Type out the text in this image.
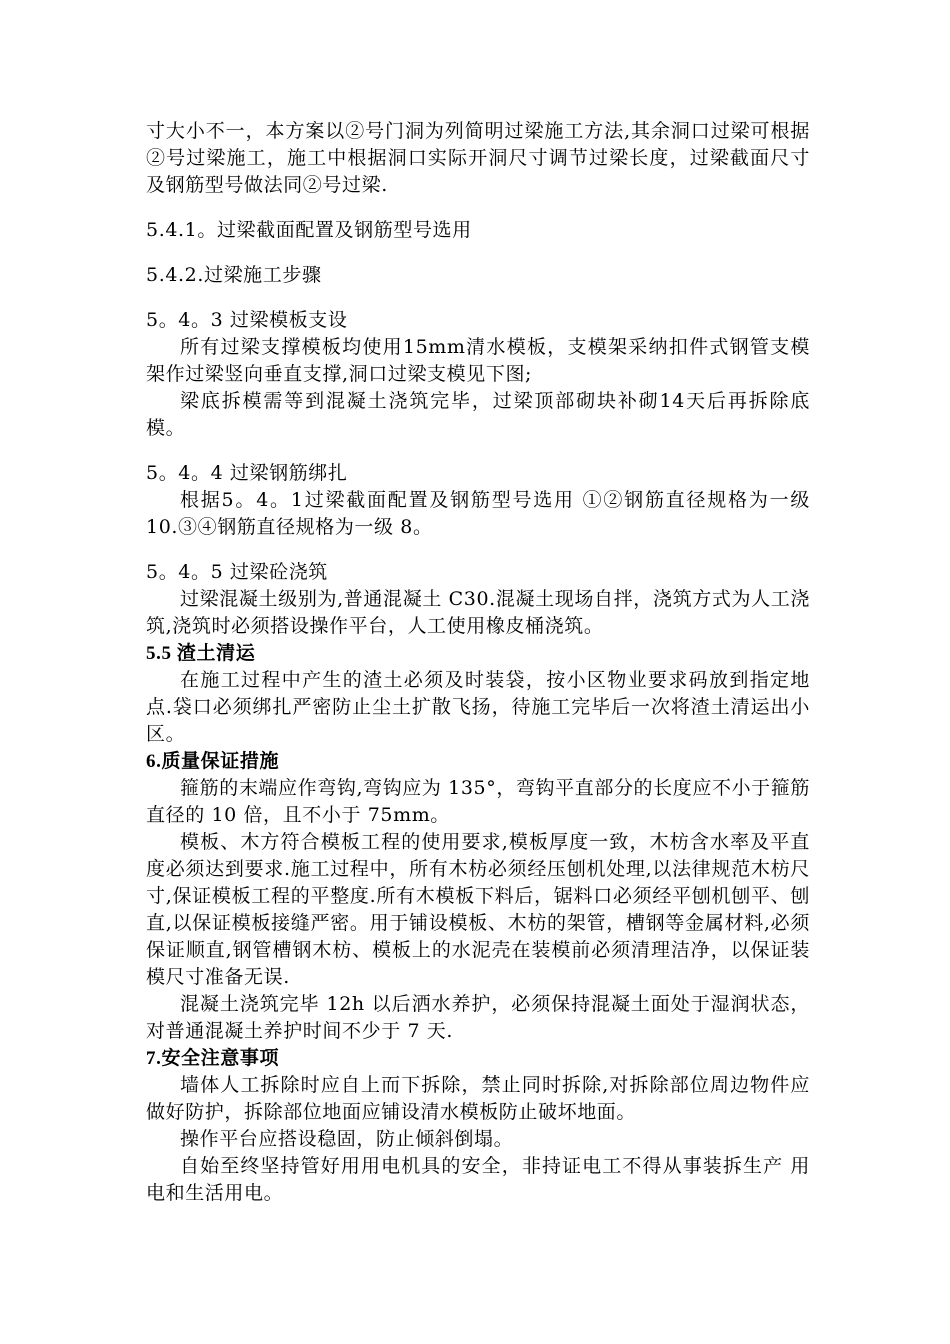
寸大小不一，本方案以②号门洞为列简明过梁施工方法,其余洞口过梁可根据②号过梁施工，施工中根据洞口实际开洞尺寸调节过梁长度，过梁截面尺寸及钢筋型号做法同②号过梁.

5.4.1。过梁截面配置及钢筋型号选用

5.4.2.过梁施工步骤

5。4。3 过梁模板支设

所有过梁支撑模板均使用15mm清水模板，支模架采纳扣件式钢管支模架作过梁竖向垂直支撑,洞口过梁支模见下图;

梁底拆模需等到混凝土浇筑完毕，过梁顶部砌块补砌14天后再拆除底模。

5。4。4 过梁钢筋绑扎

根据5。4。1过梁截面配置及钢筋型号选用 ①②钢筋直径规格为一级 10.③④钢筋直径规格为一级 8。

5。4。5 过梁砼浇筑

过梁混凝土级别为,普通混凝土 C30.混凝土现场自拌，浇筑方式为人工浇筑,浇筑时必须搭设操作平台，人工使用橡皮桶浇筑。

5.5 渣土清运

在施工过程中产生的渣土必须及时装袋，按小区物业要求码放到指定地点.袋口必须绑扎严密防止尘土扩散飞扬，待施工完毕后一次将渣土清运出小区。

6.质量保证措施

箍筋的末端应作弯钩,弯钩应为 135°，弯钩平直部分的长度应不小于箍筋直径的 10 倍，且不小于 75mm。

模板、木方符合模板工程的使用要求,模板厚度一致，木枋含水率及平直度必须达到要求.施工过程中，所有木枋必须经压刨机处理,以法律规范木枋尺寸,保证模板工程的平整度.所有木模板下料后，锯料口必须经平刨机刨平、刨直,以保证模板接缝严密。用于铺设模板、木枋的架管，槽钢等金属材料,必须保证顺直,钢管槽钢木枋、模板上的水泥壳在装模前必须清理洁净，以保证装模尺寸准备无误.

混凝土浇筑完毕 12h 以后洒水养护，必须保持混凝土面处于湿润状态，对普通混凝土养护时间不少于 7 天.

7.安全注意事项

墙体人工拆除时应自上而下拆除，禁止同时拆除,对拆除部位周边物件应做好防护，拆除部位地面应铺设清水模板防止破坏地面。

操作平台应搭设稳固，防止倾斜倒塌。

自始至终坚持管好用用电机具的安全，非持证电工不得从事装拆生产 用电和生活用电。
